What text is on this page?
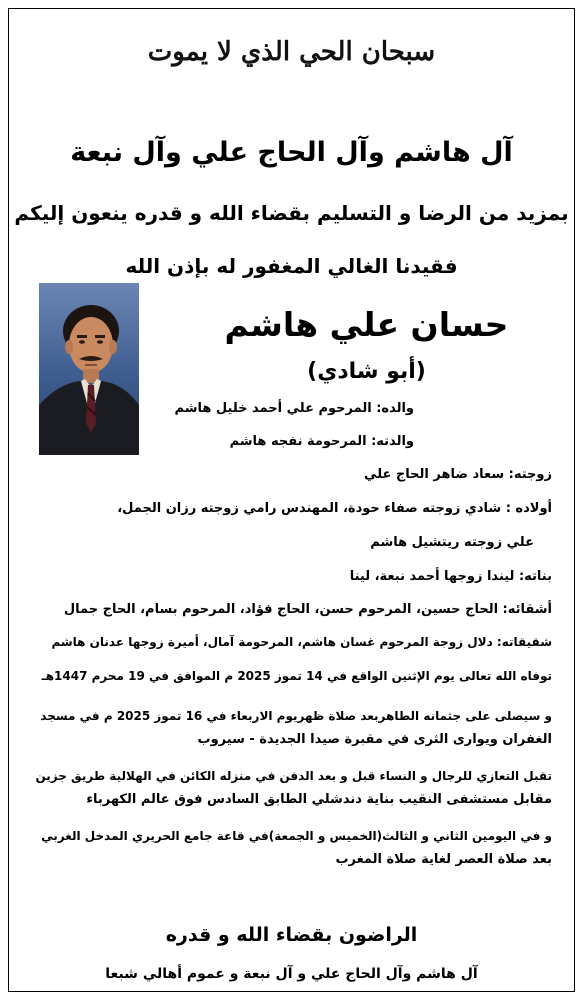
سبحان الحي الذي لا يموت
آل هاشم وآل الحاج علي وآل نبعة
بمزيد من الرضا و التسليم بقضاء الله و قدره ينعون إليكم
فقيدنا الغالي المغفور له بإذن الله
حسان علي هاشم
(أبو شادي)
والده: المرحوم علي أحمد خليل هاشم
والدته: المرحومة نفجه هاشم
زوجته: سعاد ضاهر الحاج علي
أولاده : شادي زوجته صفاء حودة، المهندس رامي زوجته رزان الجمل،
علي زوجته ريتشيل هاشم
بناته: ليندا زوجها أحمد نبعة، لينا
أشقائه: الحاج حسين، المرحوم حسن، الحاج فؤاد، المرحوم بسام، الحاج جمال
شقيقاته: دلال زوجة المرحوم غسان هاشم، المرحومة آمال، أميرة زوجها عدنان هاشم
توفاه الله تعالى يوم الإثنين الواقع في 14 تموز 2025 م الموافق في 19 محرم 1447هـ
و سيصلى على جثمانه الطاهربعد صلاة ظهريوم الاربعاء في 16 تموز 2025 م في مسجد
الغفران ويوارى الثرى في مقبرة صيدا الجديدة - سيروب
تقبل التعازي للرجال و النساء قبل و بعد الدفن في منزله الكائن في الهلالية طريق جزين
مقابل مستشفى النقيب بناية دندشلي الطابق السادس فوق عالم الكهرباء
و في اليومين الثاني و الثالث(الخميس و الجمعة)في قاعة جامع الحريري المدخل الغربي
بعد صلاة العصر لغاية صلاة المغرب
الراضون بقضاء الله و قدره
آل هاشم وآل الحاج علي و آل نبعة و عموم أهالي شبعا
